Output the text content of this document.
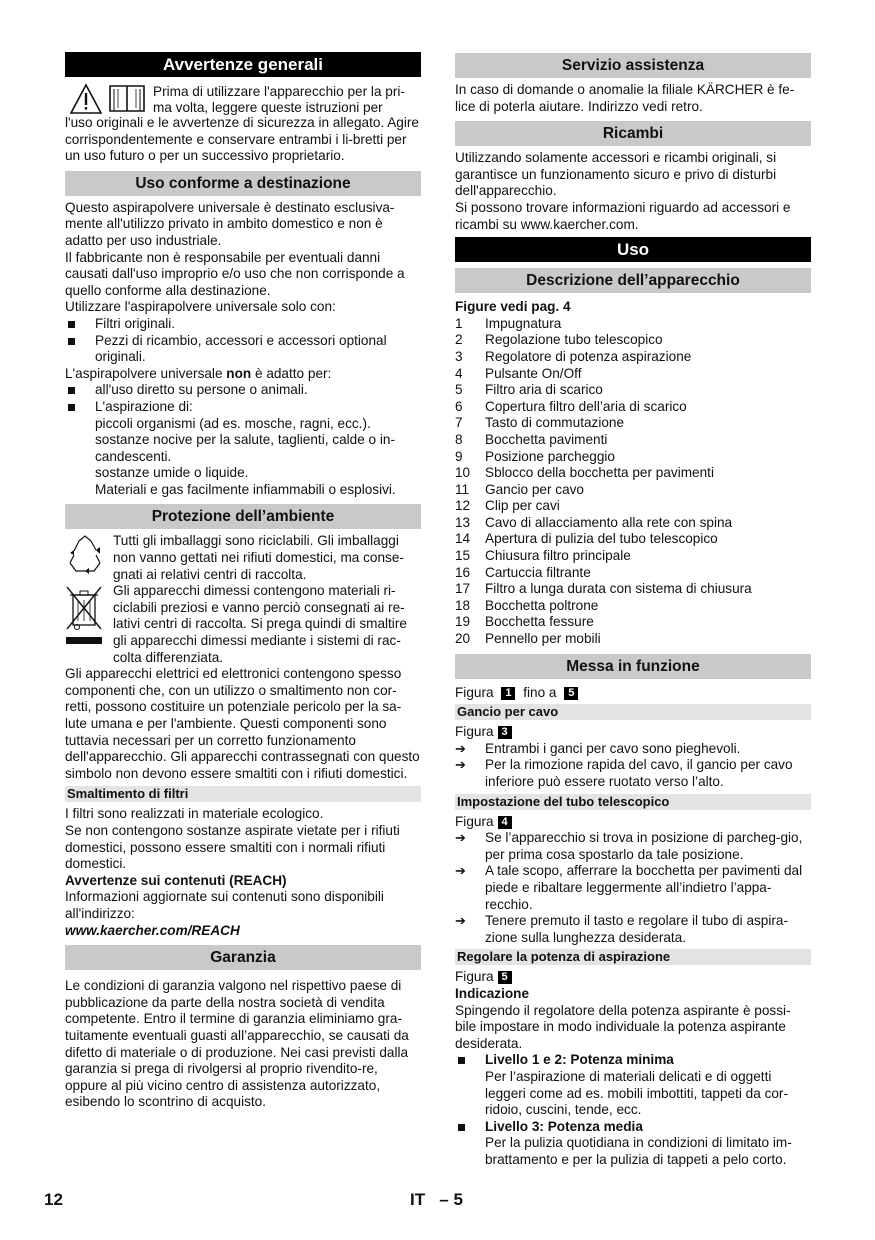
Avvertenze generali

Prima di utilizzare l'apparecchio per la pri-

ma volta, leggere queste istruzioni per

l'uso originali e le avvertenze di sicurezza in allegato. Agire corrispondentemente e conservare entrambi i li-bretti per un uso futuro o per un successivo proprietario.

Uso conforme a destinazione

Questo aspirapolvere universale è destinato esclusiva-mente all'utilizzo privato in ambito domestico e non è adatto per uso industriale.

Il fabbricante non è responsabile per eventuali danni causati dall'uso improprio e/o uso che non corrisponde a quello conforme alla destinazione.

Utilizzare l'aspirapolvere universale solo con:

Filtri originali.

Pezzi di ricambio, accessori e accessori optional originali.

L'aspirapolvere universale non è adatto per:

all'uso diretto su persone o animali.

L'aspirazione di:

piccoli organismi (ad es. mosche, ragni, ecc.).

sostanze nocive per la salute, taglienti, calde o in-candescenti.

sostanze umide o liquide.

Materiali e gas facilmente infiammabili o esplosivi.

Protezione dell’ambiente

Tutti gli imballaggi sono riciclabili. Gli imballaggi non vanno gettati nei rifiuti domestici, ma conse-gnati ai relativi centri di raccolta.

Gli apparecchi dimessi contengono materiali ri-ciclabili preziosi e vanno perciò consegnati ai re-lativi centri di raccolta. Si prega quindi di smaltire gli apparecchi dimessi mediante i sistemi di rac-colta differenziata.

Gli apparecchi elettrici ed elettronici contengono spesso componenti che, con un utilizzo o smaltimento non cor-retti, possono costituire un potenziale pericolo per la sa-lute umana e per l'ambiente. Questi componenti sono tuttavia necessari per un corretto funzionamento dell'apparecchio. Gli apparecchi contrassegnati con questo simbolo non devono essere smaltiti con i rifiuti domestici.

Smaltimento di filtri

I filtri sono realizzati in materiale ecologico.

Se non contengono sostanze aspirate vietate per i rifiuti domestici, possono essere smaltiti con i normali rifiuti domestici.

Avvertenze sui contenuti (REACH)

Informazioni aggiornate sui contenuti sono disponibili all'indirizzo:

www.kaercher.com/REACH

Garanzia

Le condizioni di garanzia valgono nel rispettivo paese di pubblicazione da parte della nostra società di vendita competente. Entro il termine di garanzia eliminiamo gra-tuitamente eventuali guasti all’apparecchio, se causati da difetto di materiale o di produzione. Nei casi previsti dalla garanzia si prega di rivolgersi al proprio rivendito-re, oppure al più vicino centro di assistenza autorizzato, esibendo lo scontrino di acquisto.

Servizio assistenza

In caso di domande o anomalie la filiale KÄRCHER è fe-lice di poterla aiutare. Indirizzo vedi retro.

Ricambi

Utilizzando solamente accessori e ricambi originali, si garantisce un funzionamento sicuro e privo di disturbi dell'apparecchio.

Si possono trovare informazioni riguardo ad accessori e ricambi su www.kaercher.com.

Uso
Descrizione dell’apparecchio

Figure vedi pag. 4

1 Impugnatura

2 Regolazione tubo telescopico

3 Regolatore di potenza aspirazione

4 Pulsante On/Off

5 Filtro aria di scarico

6 Copertura filtro dell’aria di scarico

7 Tasto di commutazione

8 Bocchetta pavimenti

9 Posizione parcheggio

10 Sblocco della bocchetta per pavimenti

11 Gancio per cavo

12 Clip per cavi

13 Cavo di allacciamento alla rete con spina

14 Apertura di pulizia del tubo telescopico

15 Chiusura filtro principale

16 Cartuccia filtrante

17 Filtro a lunga durata con sistema di chiusura

18 Bocchetta poltrone

19 Bocchetta fessure

20 Pennello per mobili

Messa in funzione

Figura 1 fino a 5

Gancio per cavo

Figura 3

➔ Entrambi i ganci per cavo sono pieghevoli.

➔ Per la rimozione rapida del cavo, il gancio per cavo inferiore può essere ruotato verso l’alto.

Impostazione del tubo telescopico

Figura 4

➔ Se l’apparecchio si trova in posizione di parcheg-gio, per prima cosa spostarlo da tale posizione.

➔ A tale scopo, afferrare la bocchetta per pavimenti dal piede e ribaltare leggermente all’indietro l’appa-recchio.

➔ Tenere premuto il tasto e regolare il tubo di aspira-zione sulla lunghezza desiderata.

Regolare la potenza di aspirazione

Figura 5

Indicazione

Spingendo il regolatore della potenza aspirante è possi-bile impostare in modo individuale la potenza aspirante desiderata.

Livello 1 e 2: Potenza minima

Per l’aspirazione di materiali delicati e di oggetti leggeri come ad es. mobili imbottiti, tappeti da cor-ridoio, cuscini, tende, ecc.

Livello 3: Potenza media

Per la pulizia quotidiana in condizioni di limitato im-brattamento e per la pulizia di tappeti a pelo corto.

12	IT   – 5
